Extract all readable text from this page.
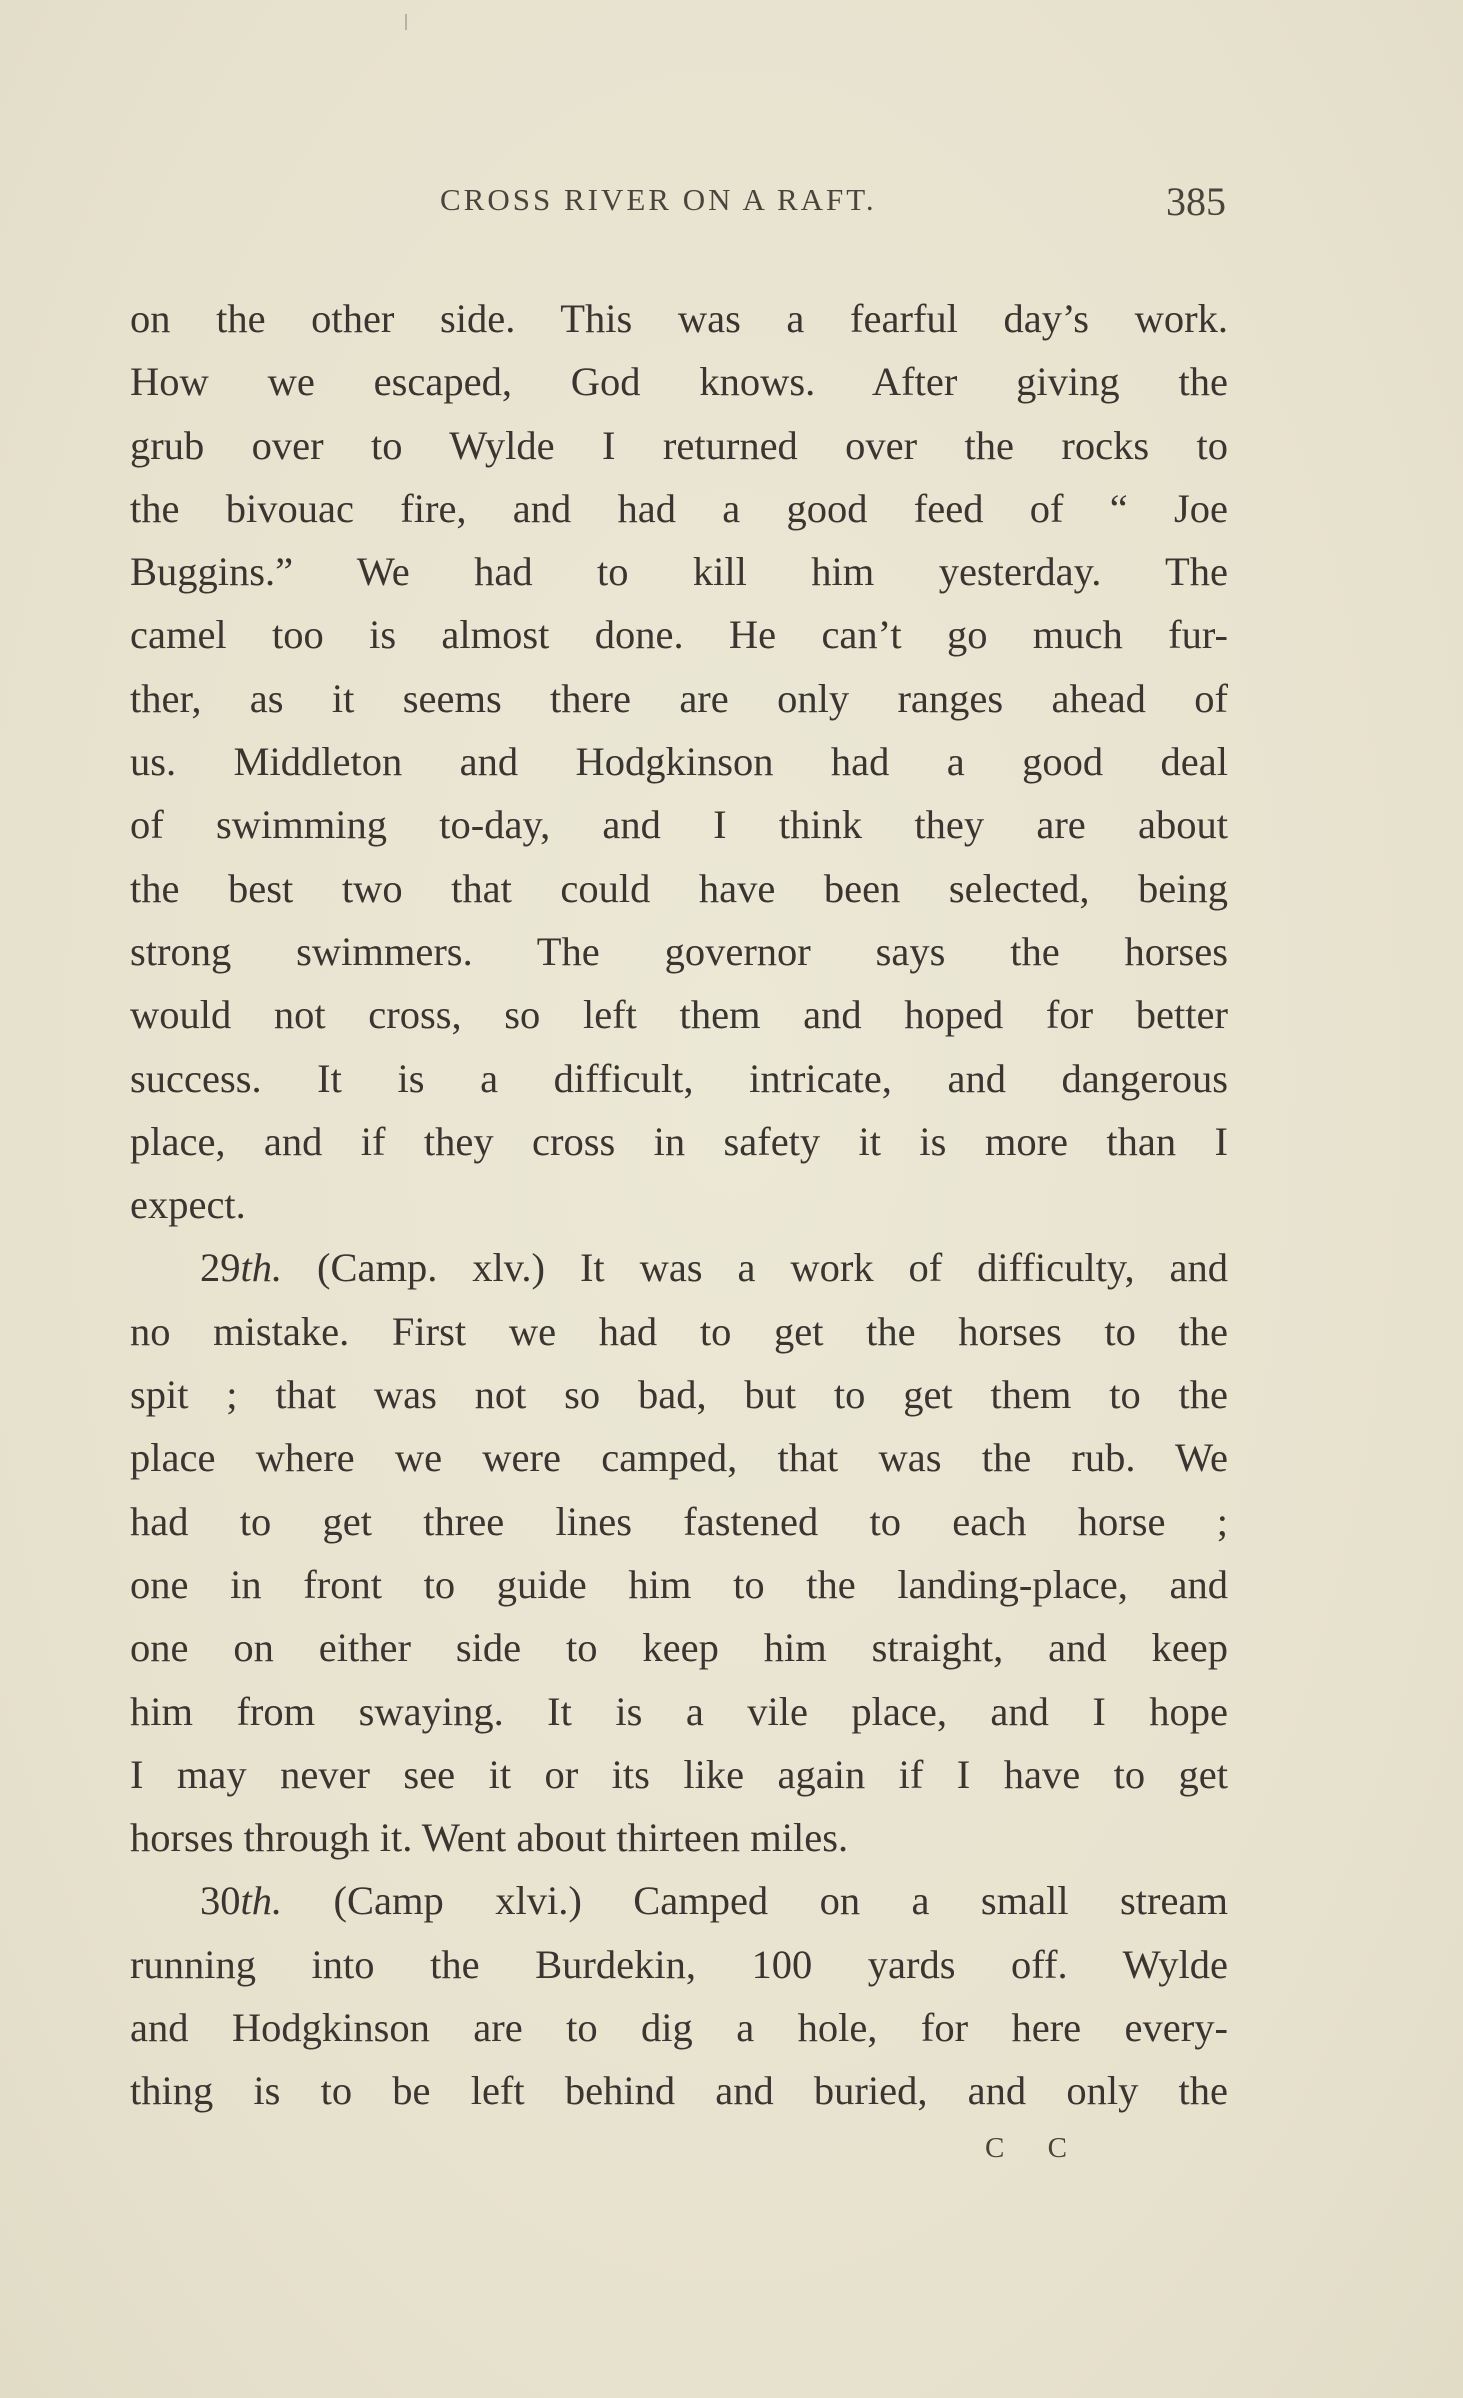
CROSS RIVER ON A RAFT.	385
on the other side. This was a fearful day’s work.
How we escaped, God knows. After giving the
grub over to Wylde I returned over the rocks to
the bivouac fire, and had a good feed of “ Joe
Buggins.” We had to kill him yesterday. The
camel too is almost done. He can’t go much fur-
ther, as it seems there are only ranges ahead of
us. Middleton and Hodgkinson had a good deal
of swimming to-day, and I think they are about
the best two that could have been selected, being
strong swimmers. The governor says the horses
would not cross, so left them and hoped for better
success. It is a difficult, intricate, and dangerous
place, and if they cross in safety it is more than I
expect.
29th. (Camp. xlv.) It was a work of difficulty, and
no mistake. First we had to get the horses to the
spit ; that was not so bad, but to get them to the
place where we were camped, that was the rub. We
had to get three lines fastened to each horse ;
one in front to guide him to the landing-place, and
one on either side to keep him straight, and keep
him from swaying. It is a vile place, and I hope
I may never see it or its like again if I have to get
horses through it. Went about thirteen miles.
30th. (Camp xlvi.) Camped on a small stream
running into the Burdekin, 100 yards off. Wylde
and Hodgkinson are to dig a hole, for here every-
thing is to be left behind and buried, and only the
C C
